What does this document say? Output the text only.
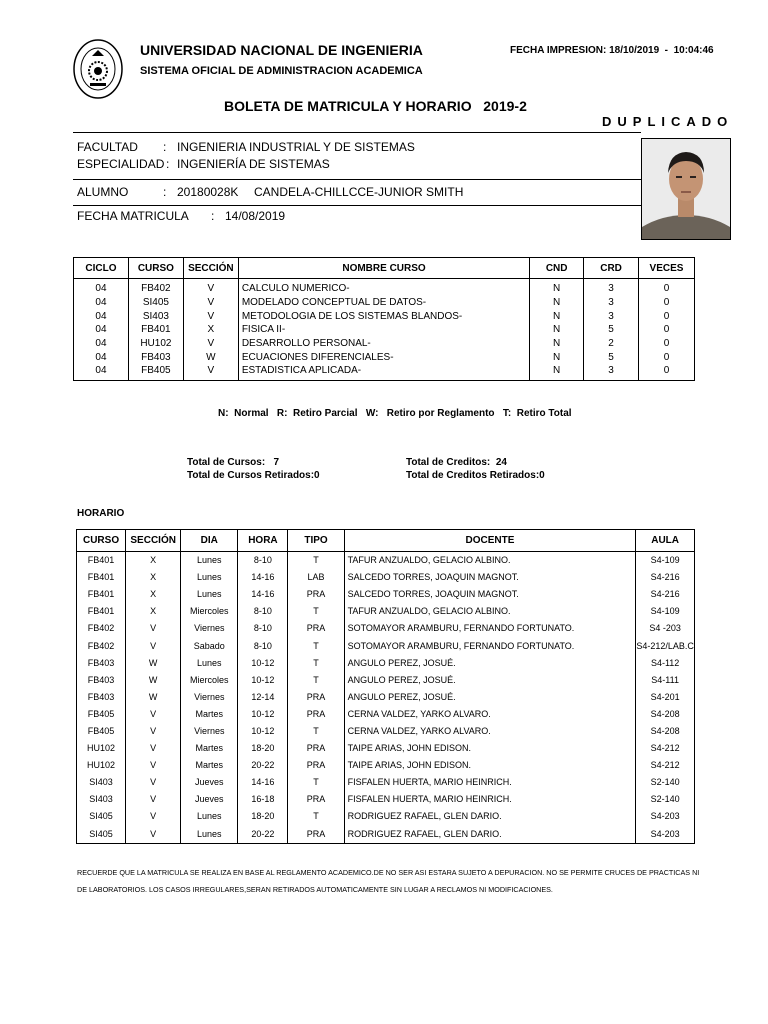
UNIVERSIDAD NACIONAL DE INGENIERIA
SISTEMA OFICIAL DE ADMINISTRACION ACADEMICA
FECHA IMPRESION: 18/10/2019  -  10:04:46
BOLETA DE MATRICULA Y HORARIO   2019-2
DUPLICADO
FACULTAD : INGENIERIA INDUSTRIAL Y DE SISTEMAS
ESPECIALIDAD : INGENIERÍA DE SISTEMAS
ALUMNO	: 20180028K CANDELA-CHILLCCE-JUNIOR SMITH
FECHA MATRICULA : 14/08/2019
CICLO	CURSO	SECCIÓN	NOMBRE CURSO	CND	CRD	VECES
04	FB402	V	CALCULO NUMERICO-	N	3	0
04	SI405	V	MODELADO CONCEPTUAL DE DATOS-	N	3	0
04	SI403	V	METODOLOGIA DE LOS SISTEMAS BLANDOS-	N	3	0
04	FB401	X	FISICA II-	N	5	0
04	HU102	V	DESARROLLO PERSONAL-	N	2	0
04	FB403	W	ECUACIONES DIFERENCIALES-	N	5	0
04	FB405	V	ESTADISTICA APLICADA-	N	3	0
N:  Normal   R:  Retiro Parcial   W:   Retiro por Reglamento   T:  Retiro Total
Total de Cursos:   7
Total de Cursos Retirados:0
Total de Creditos:  24
Total de Creditos Retirados:0
HORARIO
CURSO	SECCIÓN	DIA	HORA	TIPO	DOCENTE	AULA
FB401	X	Lunes	8-10	T	TAFUR ANZUALDO, GELACIO ALBINO.	S4-109
FB401	X	Lunes	14-16	LAB	SALCEDO TORRES, JOAQUIN MAGNOT.	S4-216
FB401	X	Lunes	14-16	PRA	SALCEDO TORRES, JOAQUIN MAGNOT.	S4-216
FB401	X	Miercoles	8-10	T	TAFUR ANZUALDO, GELACIO ALBINO.	S4-109
FB402	V	Viernes	8-10	PRA	SOTOMAYOR ARAMBURU, FERNANDO FORTUNATO.	S4 -203
FB402	V	Sabado	8-10	T	SOTOMAYOR ARAMBURU, FERNANDO FORTUNATO.	S4-212/LAB.C
FB403	W	Lunes	10-12	T	ANGULO PEREZ, JOSUÉ.	S4-112
FB403	W	Miercoles	10-12	T	ANGULO PEREZ, JOSUÉ.	S4-111
FB403	W	Viernes	12-14	PRA	ANGULO PEREZ, JOSUÉ.	S4-201
FB405	V	Martes	10-12	PRA	CERNA VALDEZ, YARKO ALVARO.	S4-208
FB405	V	Viernes	10-12	T	CERNA VALDEZ, YARKO ALVARO.	S4-208
HU102	V	Martes	18-20	PRA	TAIPE ARIAS, JOHN EDISON.	S4-212
HU102	V	Martes	20-22	PRA	TAIPE ARIAS, JOHN EDISON.	S4-212
SI403	V	Jueves	14-16	T	FISFALEN HUERTA, MARIO HEINRICH.	S2-140
SI403	V	Jueves	16-18	PRA	FISFALEN HUERTA, MARIO HEINRICH.	S2-140
SI405	V	Lunes	18-20	T	RODRIGUEZ RAFAEL, GLEN DARIO.	S4-203
SI405	V	Lunes	20-22	PRA	RODRIGUEZ RAFAEL, GLEN DARIO.	S4-203
RECUERDE QUE LA MATRICULA SE REALIZA EN BASE AL REGLAMENTO ACADEMICO.DE NO SER ASI ESTARA SUJETO A DEPURACION. NO SE PERMITE CRUCES DE PRACTICAS NI DE LABORATORIOS. LOS CASOS IRREGULARES,SERAN RETIRADOS AUTOMATICAMENTE SIN LUGAR A RECLAMOS NI MODIFICACIONES.
